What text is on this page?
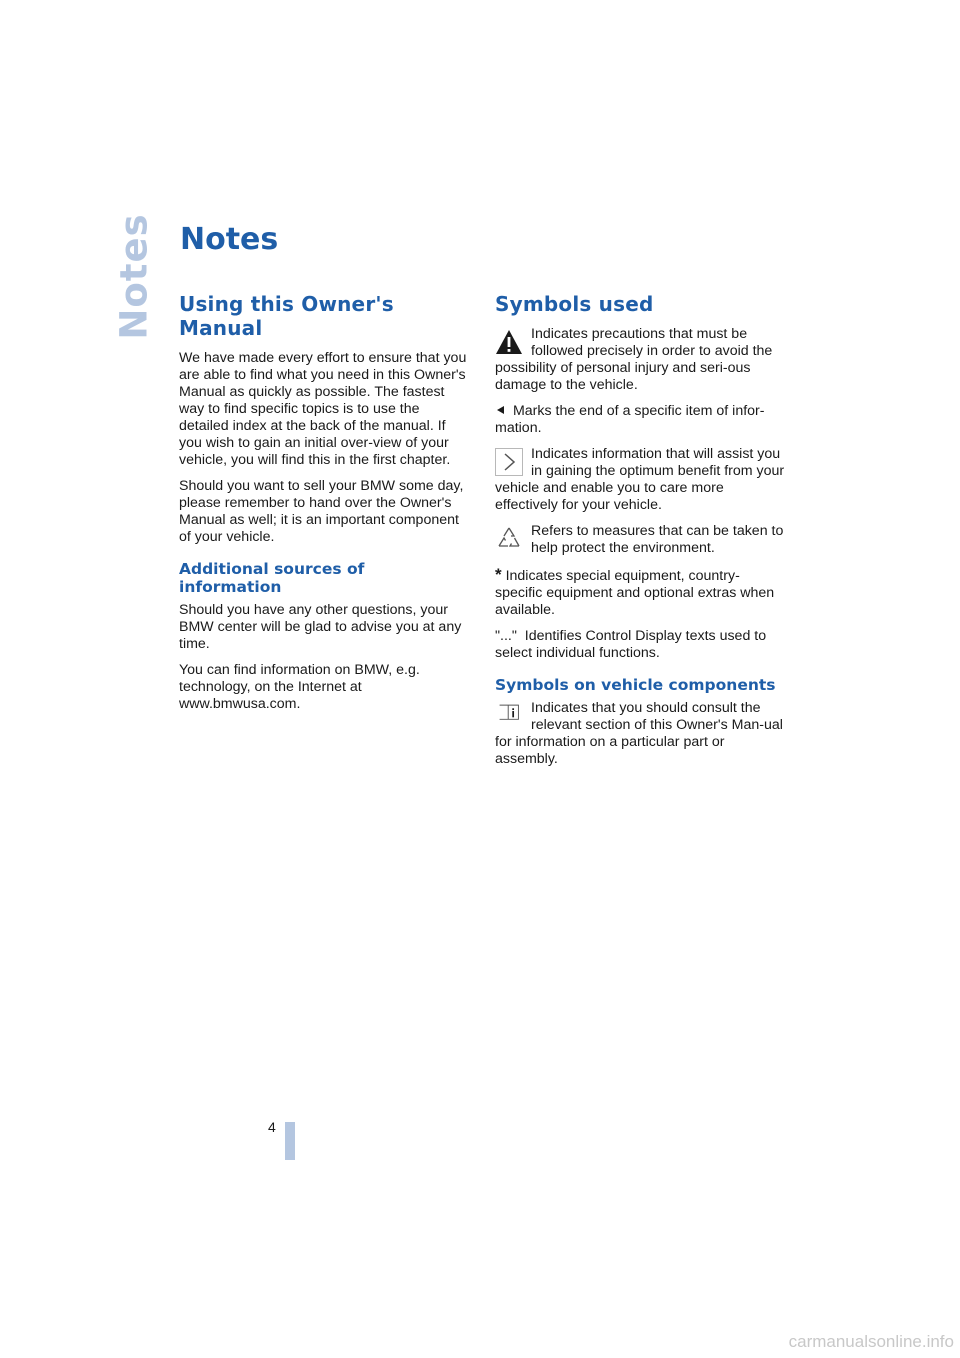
Notes Notes
Using this Owner's Manual

We have made every effort to ensure that you are able to find what you need in this Owner's Manual as quickly as possible. The fastest way to find specific topics is to use the detailed index at the back of the manual. If you wish to gain an initial over-view of your vehicle, you will find this in the first chapter.

Should you want to sell your BMW some day, please remember to hand over the Owner's Manual as well; it is an important component of your vehicle.

Additional sources of information

Should you have any other questions, your BMW center will be glad to advise you at any time.

You can find information on BMW, e.g. technology, on the Internet at www.bmwusa.com.

Symbols used

Indicates precautions that must be followed precisely in order to avoid the possibility of personal injury and seri-ous damage to the vehicle.

Marks the end of a specific item of infor-mation.

Indicates information that will assist you in gaining the optimum benefit from your vehicle and enable you to care more effectively for your vehicle.

Refers to measures that can be taken to help protect the environment.

* Indicates special equipment, country-specific equipment and optional extras when available.

"..." Identifies Control Display texts used to select individual functions.

Symbols on vehicle components

Indicates that you should consult the relevant section of this Owner's Man-ual for information on a particular part or assembly.

4
carmanualsonline.info
